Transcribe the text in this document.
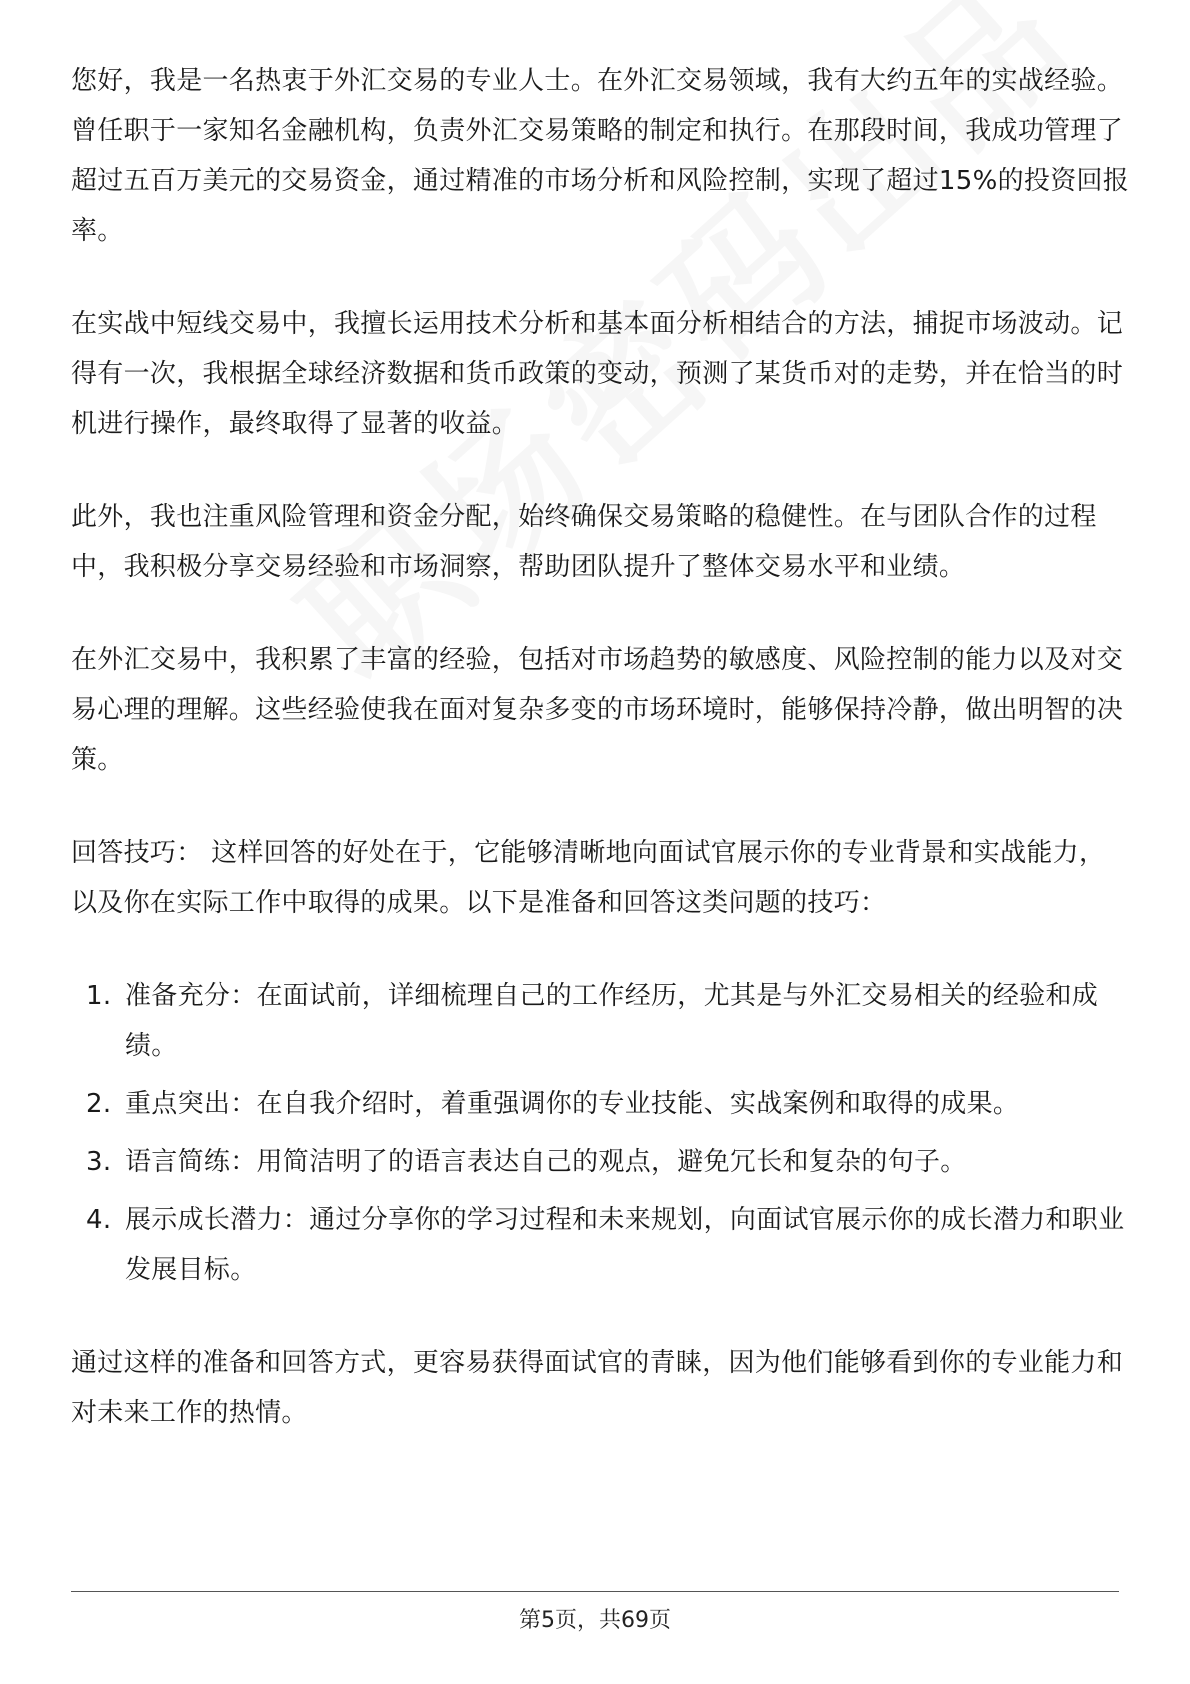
您好，我是一名热衷于外汇交易的专业人士。在外汇交易领域，我有大约五年的实战经验。曾任职于一家知名金融机构，负责外汇交易策略的制定和执行。在那段时间，我成功管理了超过五百万美元的交易资金，通过精准的市场分析和风险控制，实现了超过15%的投资回报率。

在实战中短线交易中，我擅长运用技术分析和基本面分析相结合的方法，捕捉市场波动。记得有一次，我根据全球经济数据和货币政策的变动，预测了某货币对的走势，并在恰当的时机进行操作，最终取得了显著的收益。

此外，我也注重风险管理和资金分配，始终确保交易策略的稳健性。在与团队合作的过程中，我积极分享交易经验和市场洞察，帮助团队提升了整体交易水平和业绩。

在外汇交易中，我积累了丰富的经验，包括对市场趋势的敏感度、风险控制的能力以及对交易心理的理解。这些经验使我在面对复杂多变的市场环境时，能够保持冷静，做出明智的决策。

回答技巧： 这样回答的好处在于，它能够清晰地向面试官展示你的专业背景和实战能力，以及你在实际工作中取得的成果。以下是准备和回答这类问题的技巧：

1. 准备充分：在面试前，详细梳理自己的工作经历，尤其是与外汇交易相关的经验和成绩。
2. 重点突出：在自我介绍时，着重强调你的专业技能、实战案例和取得的成果。
3. 语言简练：用简洁明了的语言表达自己的观点，避免冗长和复杂的句子。
4. 展示成长潜力：通过分享你的学习过程和未来规划，向面试官展示你的成长潜力和职业发展目标。

通过这样的准备和回答方式，更容易获得面试官的青睐，因为他们能够看到你的专业能力和对未来工作的热情。

第5页，共69页
